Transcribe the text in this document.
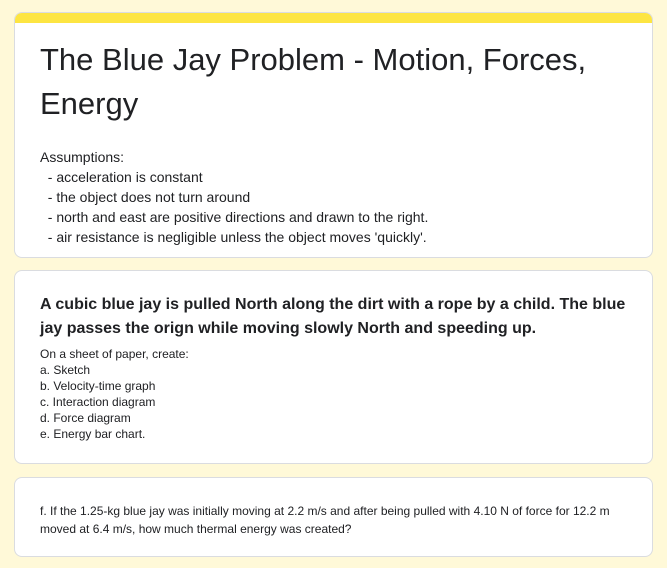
The Blue Jay Problem - Motion, Forces, Energy
Assumptions:
- acceleration is constant
- the object does not turn around
- north and east are positive directions and drawn to the right.
- air resistance is negligible unless the object moves 'quickly'.
A cubic blue jay is pulled North along the dirt with a rope by a child. The blue jay passes the orign while moving slowly North and speeding up.
On a sheet of paper, create:
a. Sketch
b. Velocity-time graph
c. Interaction diagram
d. Force diagram
e. Energy bar chart.

f. If the 1.25-kg blue jay was initially moving at 2.2 m/s and after being pulled with 4.10 N of force for 12.2 m moved at 6.4 m/s, how much thermal energy was created?
